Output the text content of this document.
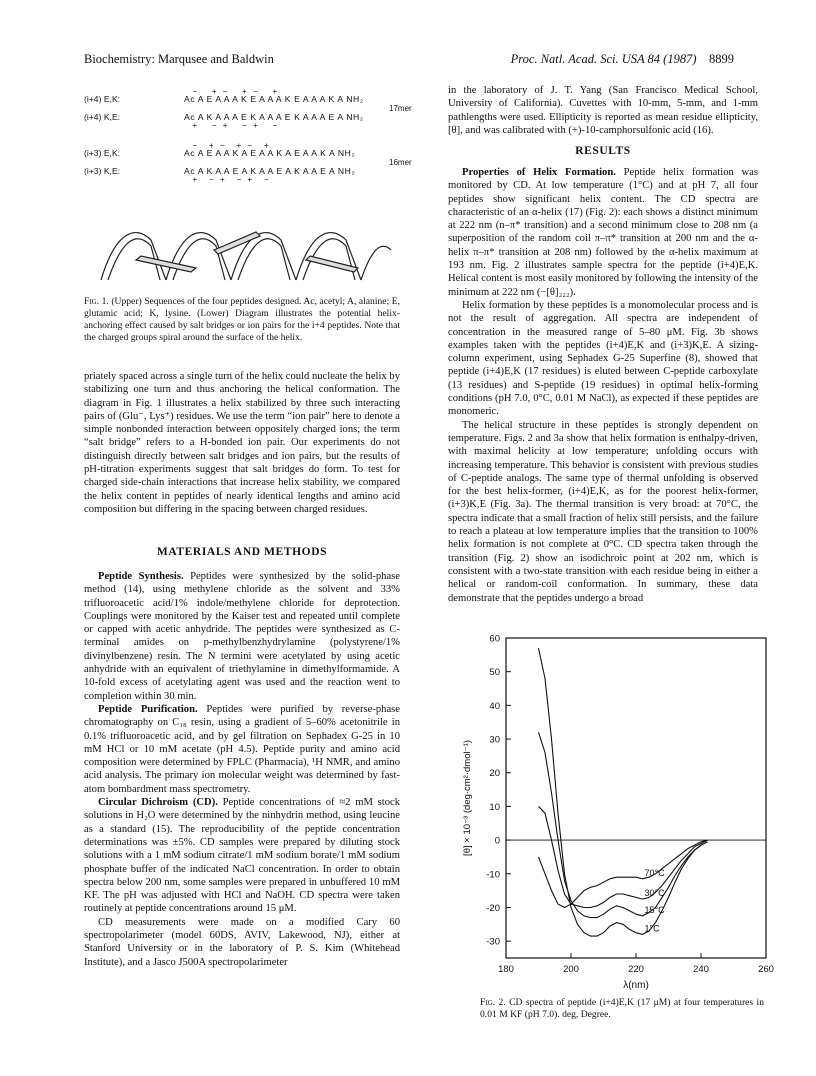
Biochemistry: Marqusee and Baldwin	Proc. Natl. Acad. Sci. USA 84 (1987) 8899
−     +  −     +  −     +
(i+4) E,K:	Ac A E A A A K E A A A K E A A A K A NH₂
(i+4) K,E:	Ac A K A A A E K A A A E K A A A E A NH₂
+     −  +     −  +     −
17mer
−    +  −    +  −    +
(i+3) E,K:	Ac A E A A K A E A A K A E A A K A NH₂
(i+3) K,E:	Ac A K A A E A K A A E A K A A E A NH₂
+    −  +    −  +    −
16mer
Fig. 1. (Upper) Sequences of the four peptides designed. Ac, acetyl; A, alanine; E, glutamic acid; K, lysine. (Lower) Diagram illustrates the potential helix-anchoring effect caused by salt bridges or ion pairs for the i+4 peptides. Note that the charged groups spiral around the surface of the helix.

priately spaced across a single turn of the helix could nucleate the helix by stabilizing one turn and thus anchoring the helical conformation. The diagram in Fig. 1 illustrates a helix stabilized by three such interacting pairs of (Glu⁻, Lys⁺) residues. We use the term “ion pair” here to denote a simple nonbonded interaction between oppositely charged ions; the term “salt bridge” refers to a H-bonded ion pair. Our experiments do not distinguish directly between salt bridges and ion pairs, but the results of pH-titration experiments suggest that salt bridges do form. To test for charged side-chain interactions that increase helix stability, we compared the helix content in peptides of nearly identical lengths and amino acid composition but differing in the spacing between charged residues.

MATERIALS AND METHODS

Peptide Synthesis. Peptides were synthesized by the solid-phase method (14), using methylene chloride as the solvent and 33% trifluoroacetic acid/1% indole/methylene chloride for deprotection. Couplings were monitored by the Kaiser test and repeated until complete or capped with acetic anhydride. The peptides were synthesized as C-terminal amides on p-methylbenzhydrylamine (polystyrene/1% divinylbenzene) resin. The N termini were acetylated by using acetic anhydride with an equivalent of triethylamine in dimethylformamide. A 10-fold excess of acetylating agent was used and the reaction went to completion within 30 min.

Peptide Purification. Peptides were purified by reverse-phase chromatography on C₁₈ resin, using a gradient of 5–60% acetonitrile in 0.1% trifluoroacetic acid, and by gel filtration on Sephadex G-25 in 10 mM HCl or 10 mM acetate (pH 4.5). Peptide purity and amino acid composition were determined by FPLC (Pharmacia), ¹H NMR, and amino acid analysis. The primary ion molecular weight was determined by fast-atom bombardment mass spectrometry.

Circular Dichroism (CD). Peptide concentrations of ≈2 mM stock solutions in H₂O were determined by the ninhydrin method, using leucine as a standard (15). The reproducibility of the peptide concentration determinations was ±5%. CD samples were prepared by diluting stock solutions with a 1 mM sodium citrate/1 mM sodium borate/1 mM sodium phosphate buffer of the indicated NaCl concentration. In order to obtain spectra below 200 nm, some samples were prepared in unbuffered 10 mM KF. The pH was adjusted with HCl and NaOH. CD spectra were taken routinely at peptide concentrations around 15 μM.

CD measurements were made on a modified Cary 60 spectropolarimeter (model 60DS, AVIV, Lakewood, NJ), either at Stanford University or in the laboratory of P. S. Kim (Whitehead Institute), and a Jasco J500A spectropolarimeter

in the laboratory of J. T. Yang (San Francisco Medical School, University of California). Cuvettes with 10-mm, 5-mm, and 1-mm pathlengths were used. Ellipticity is reported as mean residue ellipticity, [θ], and was calibrated with (+)-10-camphorsulfonic acid (16).

RESULTS

Properties of Helix Formation. Peptide helix formation was monitored by CD. At low temperature (1°C) and at pH 7, all four peptides show significant helix content. The CD spectra are characteristic of an α-helix (17) (Fig. 2): each shows a distinct minimum at 222 nm (n–π* transition) and a second minimum close to 208 nm (a superposition of the random coil π–π* transition at 200 nm and the α-helix π–π* transition at 208 nm) followed by the α-helix maximum at 193 nm. Fig. 2 illustrates sample spectra for the peptide (i+4)E,K. Helical content is most easily monitored by following the intensity of the minimum at 222 nm (−[θ]₂₂₂).

Helix formation by these peptides is a monomolecular process and is not the result of aggregation. All spectra are independent of concentration in the measured range of 5–80 μM. Fig. 3b shows examples taken with the peptides (i+4)E,K and (i+3)K,E. A sizing-column experiment, using Sephadex G-25 Superfine (8), showed that peptide (i+4)E,K (17 residues) is eluted between C-peptide carboxylate (13 residues) and S-peptide (19 residues) in optimal helix-forming conditions (pH 7.0, 0°C, 0.01 M NaCl), as expected if these peptides are monomeric.

The helical structure in these peptides is strongly dependent on temperature. Figs. 2 and 3a show that helix formation is enthalpy-driven, with maximal helicity at low temperature; unfolding occurs with increasing temperature. This behavior is consistent with previous studies of C-peptide analogs. The same type of thermal unfolding is observed for the best helix-former, (i+4)E,K, as for the poorest helix-former, (i+3)K,E (Fig. 3a). The thermal transition is very broad: at 70°C, the spectra indicate that a small fraction of helix still persists, and the failure to reach a plateau at low temperature implies that the transition to 100% helix formation is not complete at 0°C. CD spectra taken through the transition (Fig. 2) show an isodichroic point at 202 nm, which is consistent with a two-state transition with each residue being in either a helical or random-coil conformation. In summary, these data demonstrate that the peptides undergo a broad

60
50
40
30
20
10
0
-10
-20
-30
180	200	220	240	260
λ(nm)
[θ] × 10⁻³ (deg·cm²·dmol⁻¹)
70°C
30°C
15°C
1°C
Fig. 2. CD spectra of peptide (i+4)E,K (17 μM) at four temperatures in 0.01 M KF (pH 7.0). deg, Degree.
